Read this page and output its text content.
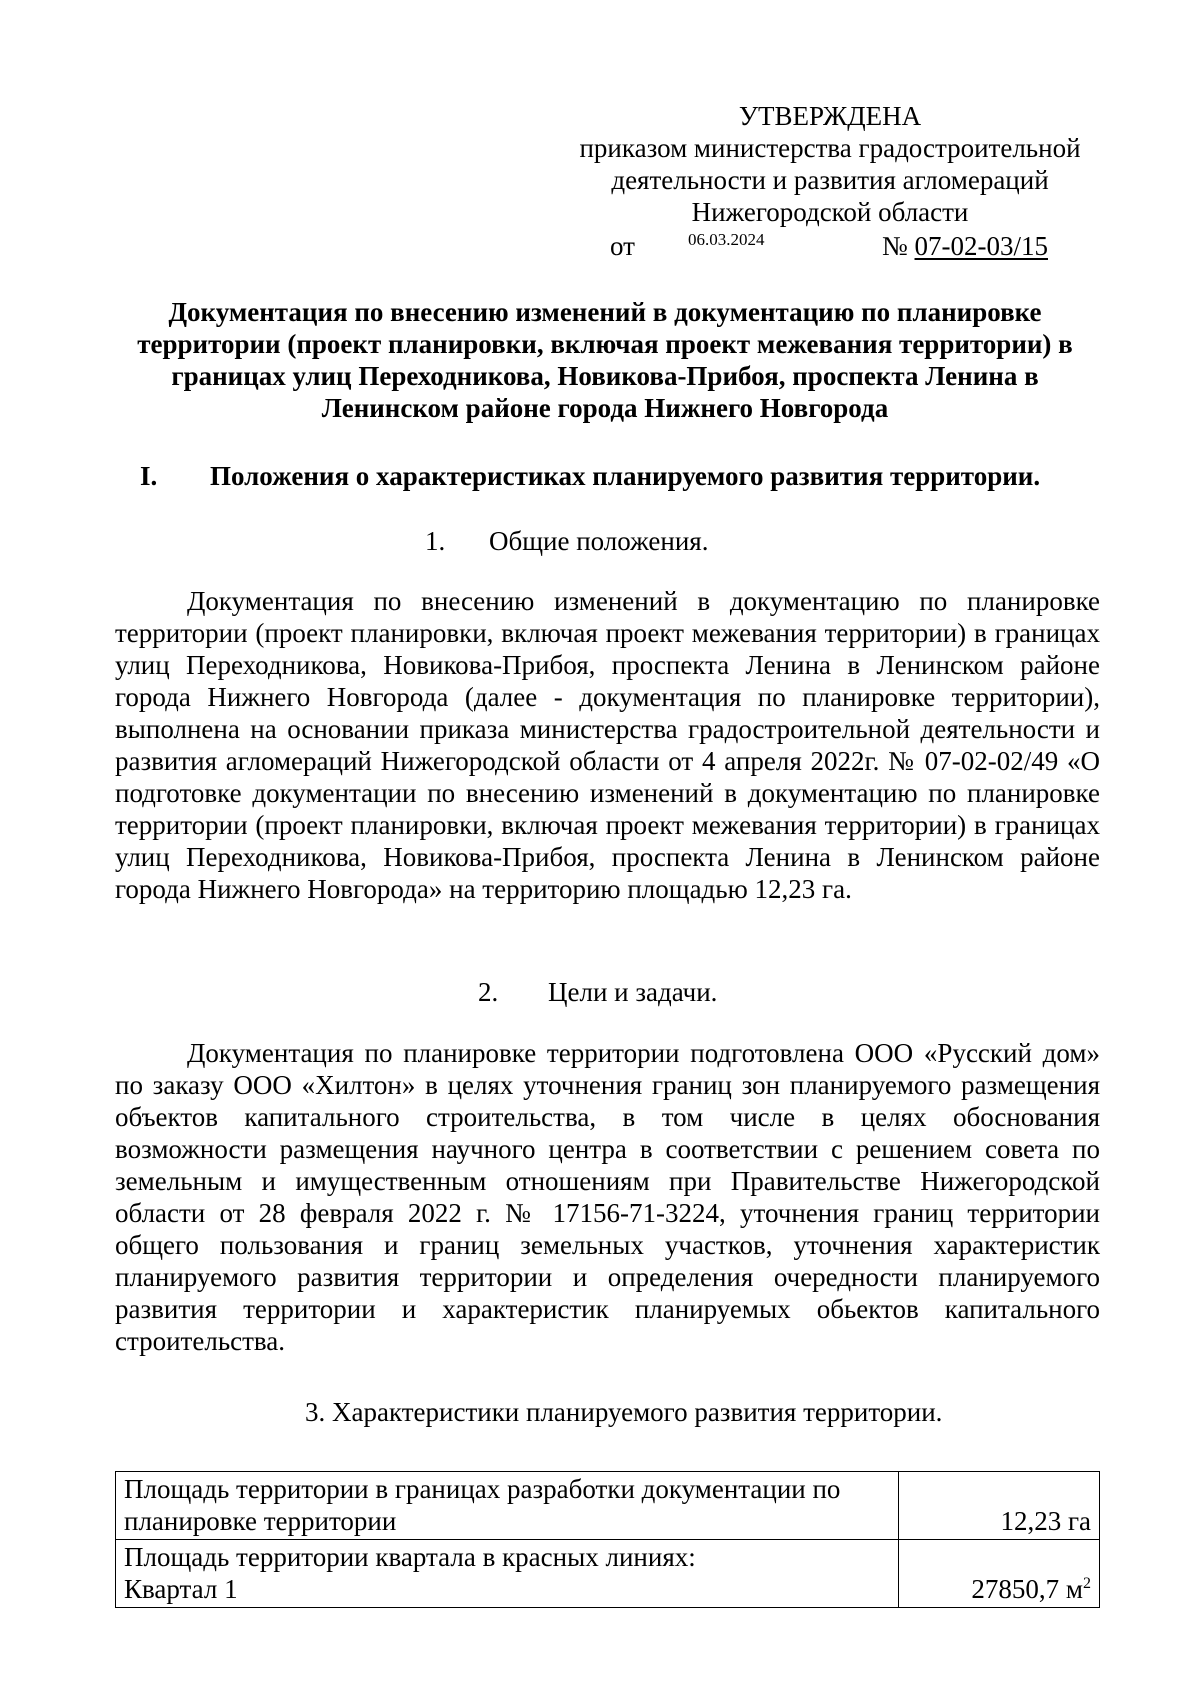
УТВЕРЖДЕНА
приказом министерства градостроительной
деятельности и развития агломераций
Нижегородской области
от	06.03.2024	№ 07-02-03/15
Документация по внесению изменений в документацию по планировке
территории (проект планировки, включая проект межевания территории) в
границах улиц Переходникова, Новикова-Прибоя, проспекта Ленина в
Ленинском районе города Нижнего Новгорода
I. Положения о характеристиках планируемого развития территории.
1. Общие положения.

Документация по внесению изменений в документацию по планировке территории (проект планировки, включая проект межевания территории) в границах улиц Переходникова, Новикова-Прибоя, проспекта Ленина в Ленинском районе города Нижнего Новгорода (далее - документация по планировке территории), выполнена на основании приказа министерства градостроительной деятельности и развития агломераций Нижегородской области от 4 апреля 2022г. № 07-02-02/49 «О подготовке документации по внесению изменений в документацию по планировке территории (проект планировки, включая проект межевания территории) в границах улиц Переходникова, Новикова-Прибоя, проспекта Ленина в Ленинском районе города Нижнего Новгорода» на территорию площадью 12,23 га.

2. Цели и задачи.

Документация по планировке территории подготовлена ООО «Русский дом» по заказу ООО «Хилтон» в целях уточнения границ зон планируемого размещения объектов капитального строительства, в том числе в целях обоснования возможности размещения научного центра в соответствии с решением совета по земельным и имущественным отношениям при Правительстве Нижегородской области от 28 февраля 2022 г. № 17156-71-3224, уточнения границ территории общего пользования и границ земельных участков, уточнения характеристик планируемого развития территории и определения очередности планируемого развития территории и характеристик планируемых обьектов капитального строительства.

3. Характеристики планируемого развития территории.
Площадь территории в границах разработки документации по
планировке территории	12,23 га

Площадь территории квартала в красных линиях:
Квартал 1	27850,7 $м^2$
